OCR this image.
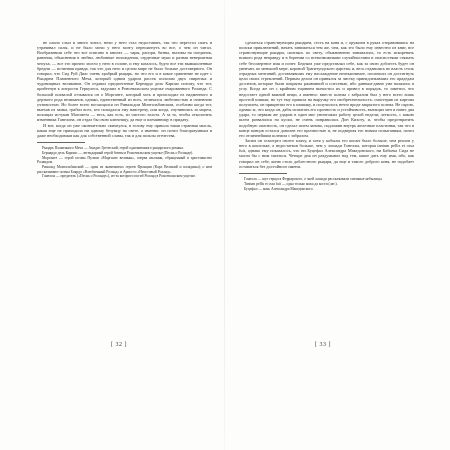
не ольно слыл и много читал, ночи у него стал недоставать, так что перестал спать и утрачивал силы, и не было мочи у него мозгу перешагнуть во все, о чем он читал. Вообразивши себе что все описано в книгах — чары, распри, битвы, вызовы на поединок, ранения, объяснения в любви, любовные похождения, сердечные муки и разная невероятная чепуха, — все это прочно засело у него в голове, и ему казалось, будто все эти вымышленные бредни — истинная правда, так что для него и целом мире не было больше достоверного. Он говорил, что Сид Руй Диас очень храбрый рыцарь, но что его и в какое сравнение не идет с Рыцарем Пламенного Меча, который одним ударом рассек пополам двух свирепых и чудовищных великанов. Он отдавал предпочтение Бернардо дель Карпио потому, что тот, прибегнув к хитрости Геркулеса, задушил в Ронсевальском ущелье очарованного Роланда. С большой похвалой отзывался он о Морганте, который хоть и происходил из надменного и дерзкого рода великанов, однако, единственный из всех, отличался любезностью и отменною учтивостью. Но более всего восхищался он Ринальдом Монтальбанским, особливо когда тот, выехав из замка, грабил всех, кто попадался ему навстречу, или когда, очутившись за морем, похищал истукан Магомета — весь, как есть, из чистого золота. А за то, чтобы отколотить изменника Ганелона, он отдал бы свою ключницу, да еще и племянницу в придачу.

И вот, когда он уже окончательно свихнулся, в голову ему пришла такая странная мысль, какая еще не приходила ни одному безумцу на свете, а именно: он почел благоразумным и даже необходимым как для собственной славы, так и для пользы отечества,

Рыцарь Пламенного Меча — Амадис Греческий, герой одноименного рыцарского романа.

Бернардо дель Карпио — легендарный герой битвы в Ронсевальском ущелье (Песнь о Роланде).

Морганте — герой поэмы Пульчи «Морганте великан», сперва язычник, обращенный в христианство Роландом.

Ринальд Монтальбанский — один из знаменитых героев Франции (Карл Великий и паладины); о нем рассказывают поэмы Боярдо «Влюбленный Роланд» и Ариосто «Неистовый Роланд».

Ганелон — предатель («Песнь о Роланде»), из-за которого погиб Роланд в Ронсевальском ущелье.

[ 32 ]

сделаться странствующим рыцарем, сесть на коня и, с оружием в руках отправившись на поиски приключений, начать заниматься тем же, чем, как это было ему известно из книг, все странствующие рыцари, скитаясь по свету, обыкновенно занимались, то есть искоренять всякого рода неправду и в борении со всевозможными случайностями и опасностями стяжать себе бессмертное имя и почет. Бедняга уже представлял себе, как за свою доблесть будет он увенчан, по меньшей мере, короной Трапезундского царства; и, весь отдавшись во власть столь отрадных мечтаний, доставлявших ему наслаждение неизъяснимое, поспешил он достигнуть цели своих стремлений. Первым делом он принялся за чистку принадлежавших его прадедам доспехов, которые были покрыты ржавчиной и плесенью, ибо давным-давно уже валялись в углу. Когда же он с крайним тщанием вычистил их и привел в порядок, то заметил, что недостает одной важной вещи, а именно: вместо шлема с забралом был у него всего лишь простой шишак; но тут ему пришла на выручку его изобретательность: смастерив из картона полушлем, он прикрепил его к шишаку, и получилось нечто вроде закрытого шлема. Не скрою, однако ж, что когда он, дабы испытать его прочность и устойчивость, вытащил меч и нанес два удара, то первым же ударом в один миг уничтожил работу целой недели; легкость, с какою шлем развалился на куски, не очень понравилась Дон Кихоту, и, чтобы предотвратить подобную опасность, он сделал шлем заново, подложив внутрь железные пластинки, так что в конце концов остался доволен его прочностью и, не подвергая его новым испытаниям, почел его отличнейшим шлемом с забралом.

Засим он осмотрел своего клячу, и хотя у кобылы его копыт было больше, чем реалов у него в кошельке, а недостатков больше, чем у лошади Гонеллы, которая tantum pellis et ossa fuit, однако ему показалось, что ни Буцефал Александра Македонского, ни Бабьека Сида не могли бы с ним тягаться. Четыре дня он раздумывал над тем, какое дать ему имя, ибо, как говорил он себе, коню столь доблестного рыцаря, да еще и такого доброго коня, не подобает оставаться без достойного имени.

Гонелла — шут герцога Феррарского, о чьей лошади рассказывали смешные небылицы.

Tantum pellis et ossa fuit — одна только кожа да кости (лат.).

Буцефал — конь Александра Македонского.

[ 33 ]
